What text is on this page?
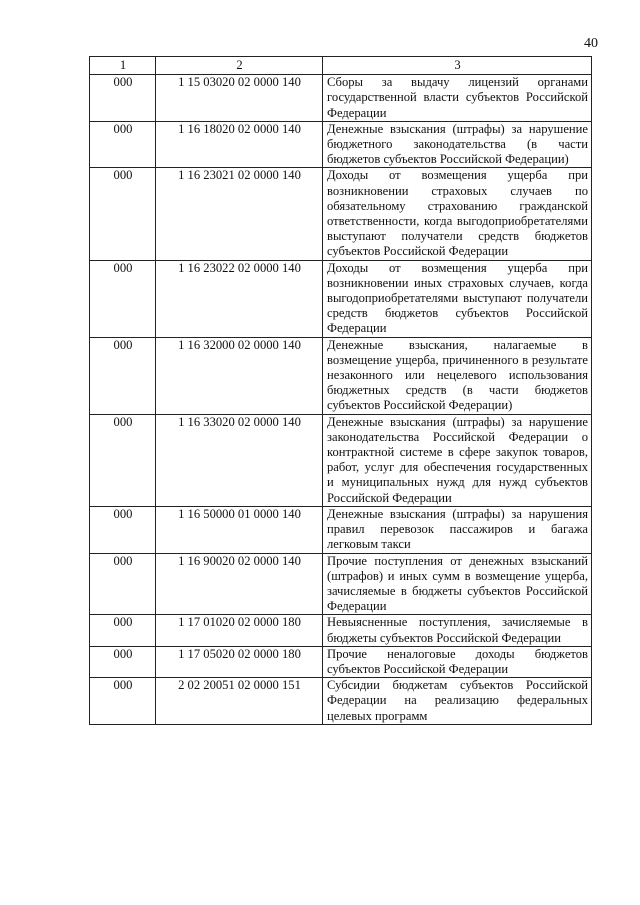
40
1	2	3
000	1 15 03020 02 0000 140	Сборы за выдачу лицензий органами государственной власти субъектов Российской Федерации
000	1 16 18020 02 0000 140	Денежные взыскания (штрафы) за нарушение бюджетного законодательства (в части бюджетов субъектов Российской Федерации)
000	1 16 23021 02 0000 140	Доходы от возмещения ущерба при возникновении страховых случаев по обязательному страхованию гражданской ответственности, когда выгодоприобретателями выступают получатели средств бюджетов субъектов Российской Федерации
000	1 16 23022 02 0000 140	Доходы от возмещения ущерба при возникновении иных страховых случаев, когда выгодоприобретателями выступают получатели средств бюджетов субъектов Российской Федерации
000	1 16 32000 02 0000 140	Денежные взыскания, налагаемые в возмещение ущерба, причиненного в результате незаконного или нецелевого использования бюджетных средств (в части бюджетов субъектов Российской Федерации)
000	1 16 33020 02 0000 140	Денежные взыскания (штрафы) за нарушение законодательства Российской Федерации о контрактной системе в сфере закупок товаров, работ, услуг для обеспечения государственных и муниципальных нужд для нужд субъектов Российской Федерации
000	1 16 50000 01 0000 140	Денежные взыскания (штрафы) за нарушения правил перевозок пассажиров и багажа легковым такси
000	1 16 90020 02 0000 140	Прочие поступления от денежных взысканий (штрафов) и иных сумм в возмещение ущерба, зачисляемые в бюджеты субъектов Российской Федерации
000	1 17 01020 02 0000 180	Невыясненные поступления, зачисляемые в бюджеты субъектов Российской Федерации
000	1 17 05020 02 0000 180	Прочие неналоговые доходы бюджетов субъектов Российской Федерации
000	2 02 20051 02 0000 151	Субсидии бюджетам субъектов Российской Федерации на реализацию федеральных целевых программ
